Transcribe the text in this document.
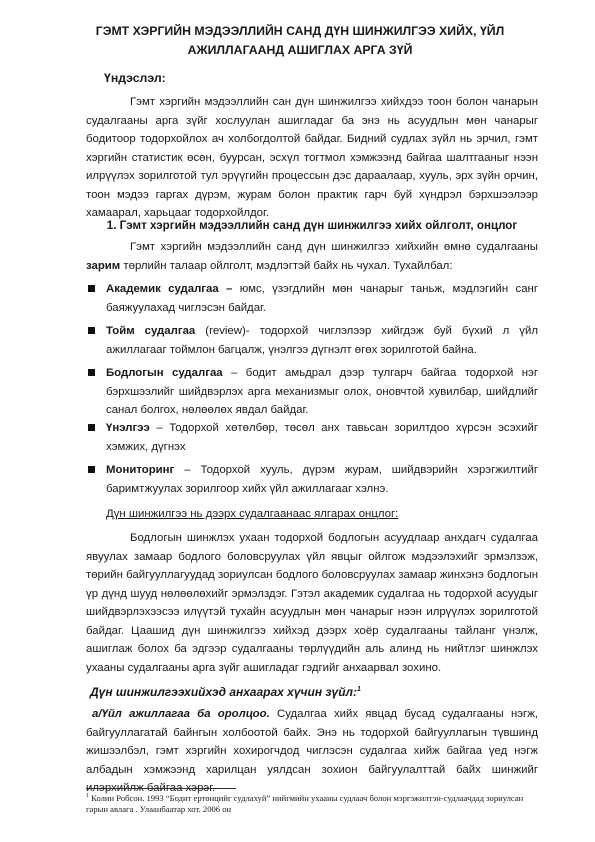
ГЭМТ ХЭРГИЙН МЭДЭЭЛЛИЙН САНД ДҮН ШИНЖИЛГЭЭ ХИЙХ, ҮЙЛ АЖИЛЛАГААНД АШИГЛАХ АРГА ЗҮЙ
Үндэслэл:

Гэмт хэргийн мэдээллийн сан дүн шинжилгээ хийхдээ тоон болон чанарын судалгааны арга зүйг хослуулан ашигладаг ба энэ нь асуудлын мөн чанарыг бодитоор тодорхойлох ач холбогдолтой байдаг. Бидний судлах зүйл нь эрчил, гэмт хэргийн статистик өсөн, буурсан, эсхүл тогтмол хэмжээнд байгаа шалтгааныг нээн илрүүлэх зорилготой тул эрүүгийн процессын дэс дараалаар, хууль, эрх зүйн орчин, тоон мэдээ гаргах дүрэм, журам болон практик гарч буй хүндрэл бэрхшээлээр хамаарал, харьцааг тодорхойлдог.

1. Гэмт хэргийн мэдээллийн санд дүн шинжилгээ хийх ойлголт, онцлог

Гэмт хэргийн мэдээллийн санд дүн шинжилгээ хийхийн өмнө судалгааны зарим төрлийн талаар ойлголт, мэдлэгтэй байх нь чухал. Тухайлбал:

Академик судалгаа – юмс, үзэгдлийн мөн чанарыг таньж, мэдлэгийн санг баяжуулахад чиглэсэн байдаг.
Тойм судалгаа (review)- тодорхой чиглэлээр хийгдэж буй бүхий л үйл ажиллагааг тоймлон багцалж, үнэлгээ дүгнэлт өгөх зорилготой байна.
Бодлогын судалгаа – бодит амьдрал дээр тулгарч байгаа тодорхой нэг бэрхшээлийг шийдвэрлэх арга механизмыг олох, оновчтой хувилбар, шийдлийг санал болгох, нөлөөлөх явдал байдаг.
Үнэлгээ – Тодорхой хөтөлбөр, төсөл анх тавьсан зорилтдоо хүрсэн эсэхийг хэмжих, дүгнэх
Мониторинг – Тодорхой хууль, дүрэм журам, шийдвэрийн хэрэгжилтийг баримтжуулах зорилгоор хийх үйл ажиллагааг хэлнэ.

Дүн шинжилгээ нь дээрх судалгаанаас ялгарах онцлог:

Бодлогын шинжлэх ухаан тодорхой бодлогын асуудлаар анхдагч судалгаа явуулах замаар бодлого боловсруулах үйл явцыг ойлгож мэдээлэхийг эрмэлзэж, төрийн байгууллагуудад зориулсан бодлого боловсруулах замаар жинхэнэ бодлогын үр дүнд шууд нөлөөлөхийг эрмэлздэг. Гэтэл академик судалгаа нь тодорхой асуудыг шийдвэрлэхээсээ илүүтэй тухайн асуудлын мөн чанарыг нээн илрүүлэх зорилготой байдаг. Цаашид дүн шинжилгээ хийхэд дээрх хоёр судалгааны тайланг үнэлж, ашиглаж болох ба эдгээр судалгааны төрлүүдийн аль алинд нь нийтлэг шинжлэх ухааны судалгааны арга зүйг ашигладаг гэдгийг анхаарвал зохино.

Дүн шинжилгээхийхэд анхаарах хүчин зүйл:$^1$

а/Үйл ажиллагаа ба оролцоо. Судалгаа хийх явцад бусад судалгааны нэгж, байгууллагатай байнгын холбоотой байх. Энэ нь тодорхой байгууллагын түвшинд жишээлбэл, гэмт хэргийн хохирогчдод чиглэсэн судалгаа хийж байгаа үед нэгж албадын хэмжээнд харилцан уялдсан зохион байгуулалттай байх шинжийг илэрхийлж байгаа хэрэг.

$^1$ Колин Робсон. 1993 “Бодит ертөнцийг судлахуй” нийгмийн ухааны судлаач болон мэргэжилтэн-судлаачдад зориулсан гарын авлага . Улаанбаатар хот. 2006 он
